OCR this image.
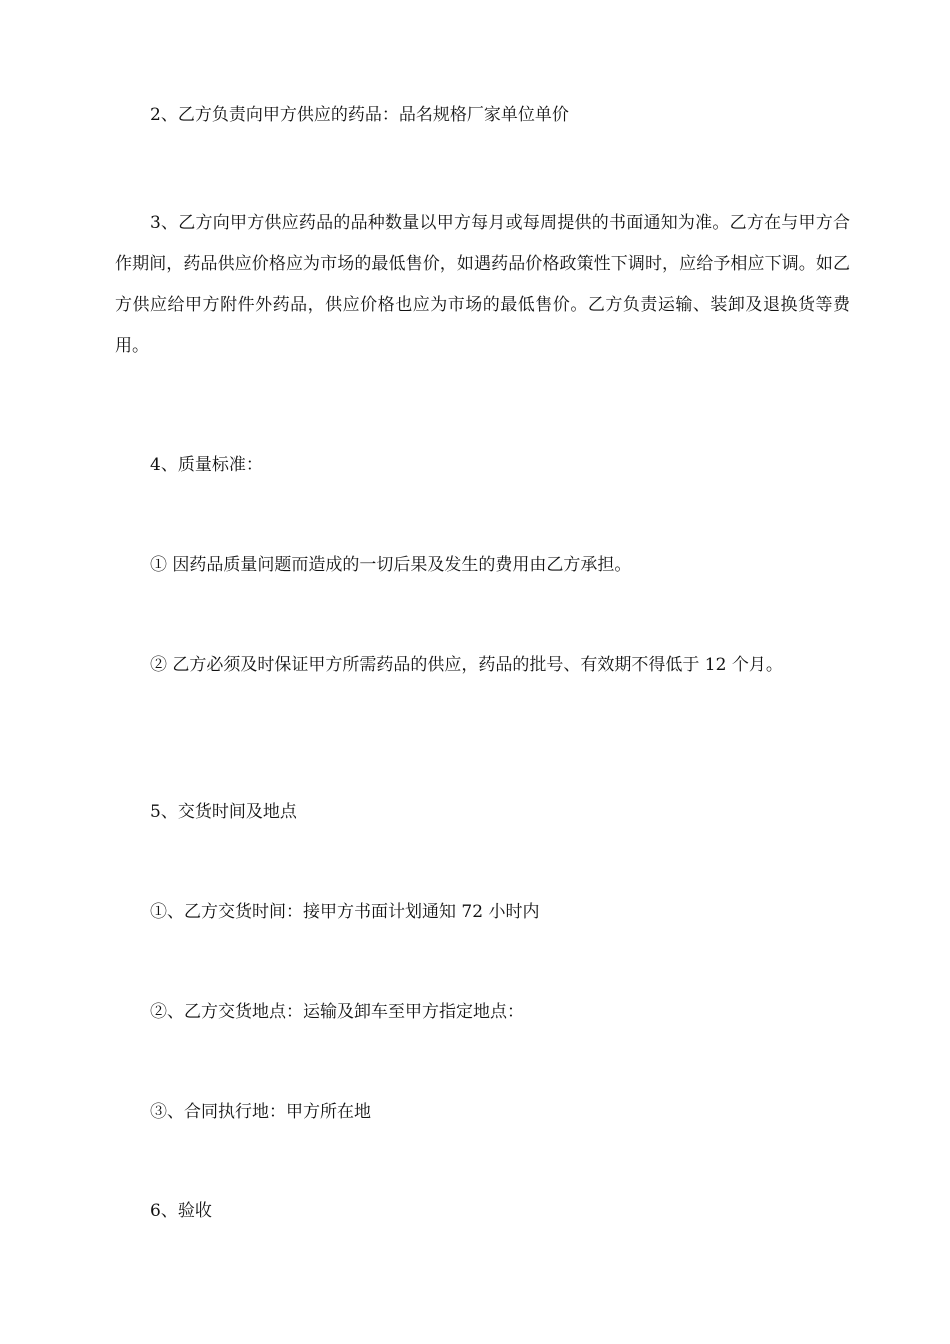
2、乙方负责向甲方供应的药品：品名规格厂家单位单价
3、乙方向甲方供应药品的品种数量以甲方每月或每周提供的书面通知为准。乙方在与甲方合作期间，药品供应价格应为市场的最低售价，如遇药品价格政策性下调时，应给予相应下调。如乙方供应给甲方附件外药品，供应价格也应为市场的最低售价。乙方负责运输、装卸及退换货等费用。
4、质量标准：
① 因药品质量问题而造成的一切后果及发生的费用由乙方承担。
② 乙方必须及时保证甲方所需药品的供应，药品的批号、有效期不得低于 12 个月。
5、交货时间及地点
①、乙方交货时间：接甲方书面计划通知 72 小时内
②、乙方交货地点：运输及卸车至甲方指定地点：
③、合同执行地：甲方所在地
6、验收
